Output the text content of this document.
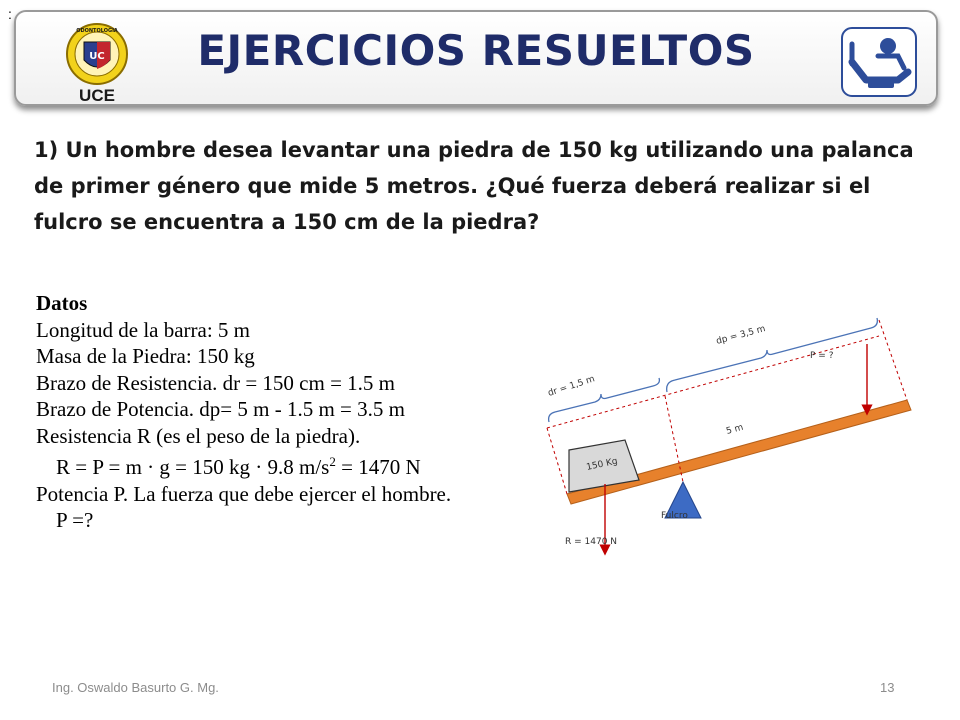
:
UC
ODONTOLOGIA
UCE
EJERCICIOS RESUELTOS
1) Un hombre desea levantar una piedra de 150 kg utilizando una palanca de primer género que mide 5 metros. ¿Qué fuerza deberá realizar si el fulcro se encuentra a 150 cm de la piedra?
Datos
Longitud de la barra: 5 m
Masa de la Piedra: 150 kg
Brazo de Resistencia. dr = 150 cm = 1.5 m
Brazo de Potencia. dp= 5 m - 1.5 m = 3.5 m
Resistencia R (es el peso de la piedra).
R = P = m · g = 150 kg · 9.8 $m/s^2 = 1470$ N
Potencia P. La fuerza que debe ejercer el hombre.
P =?
150 Kg
dp = 3,5 m
P = ?
dr = 1,5 m
5 m
Fulcro
R = 1470 N
Ing. Oswaldo Basurto G. Mg.	13
